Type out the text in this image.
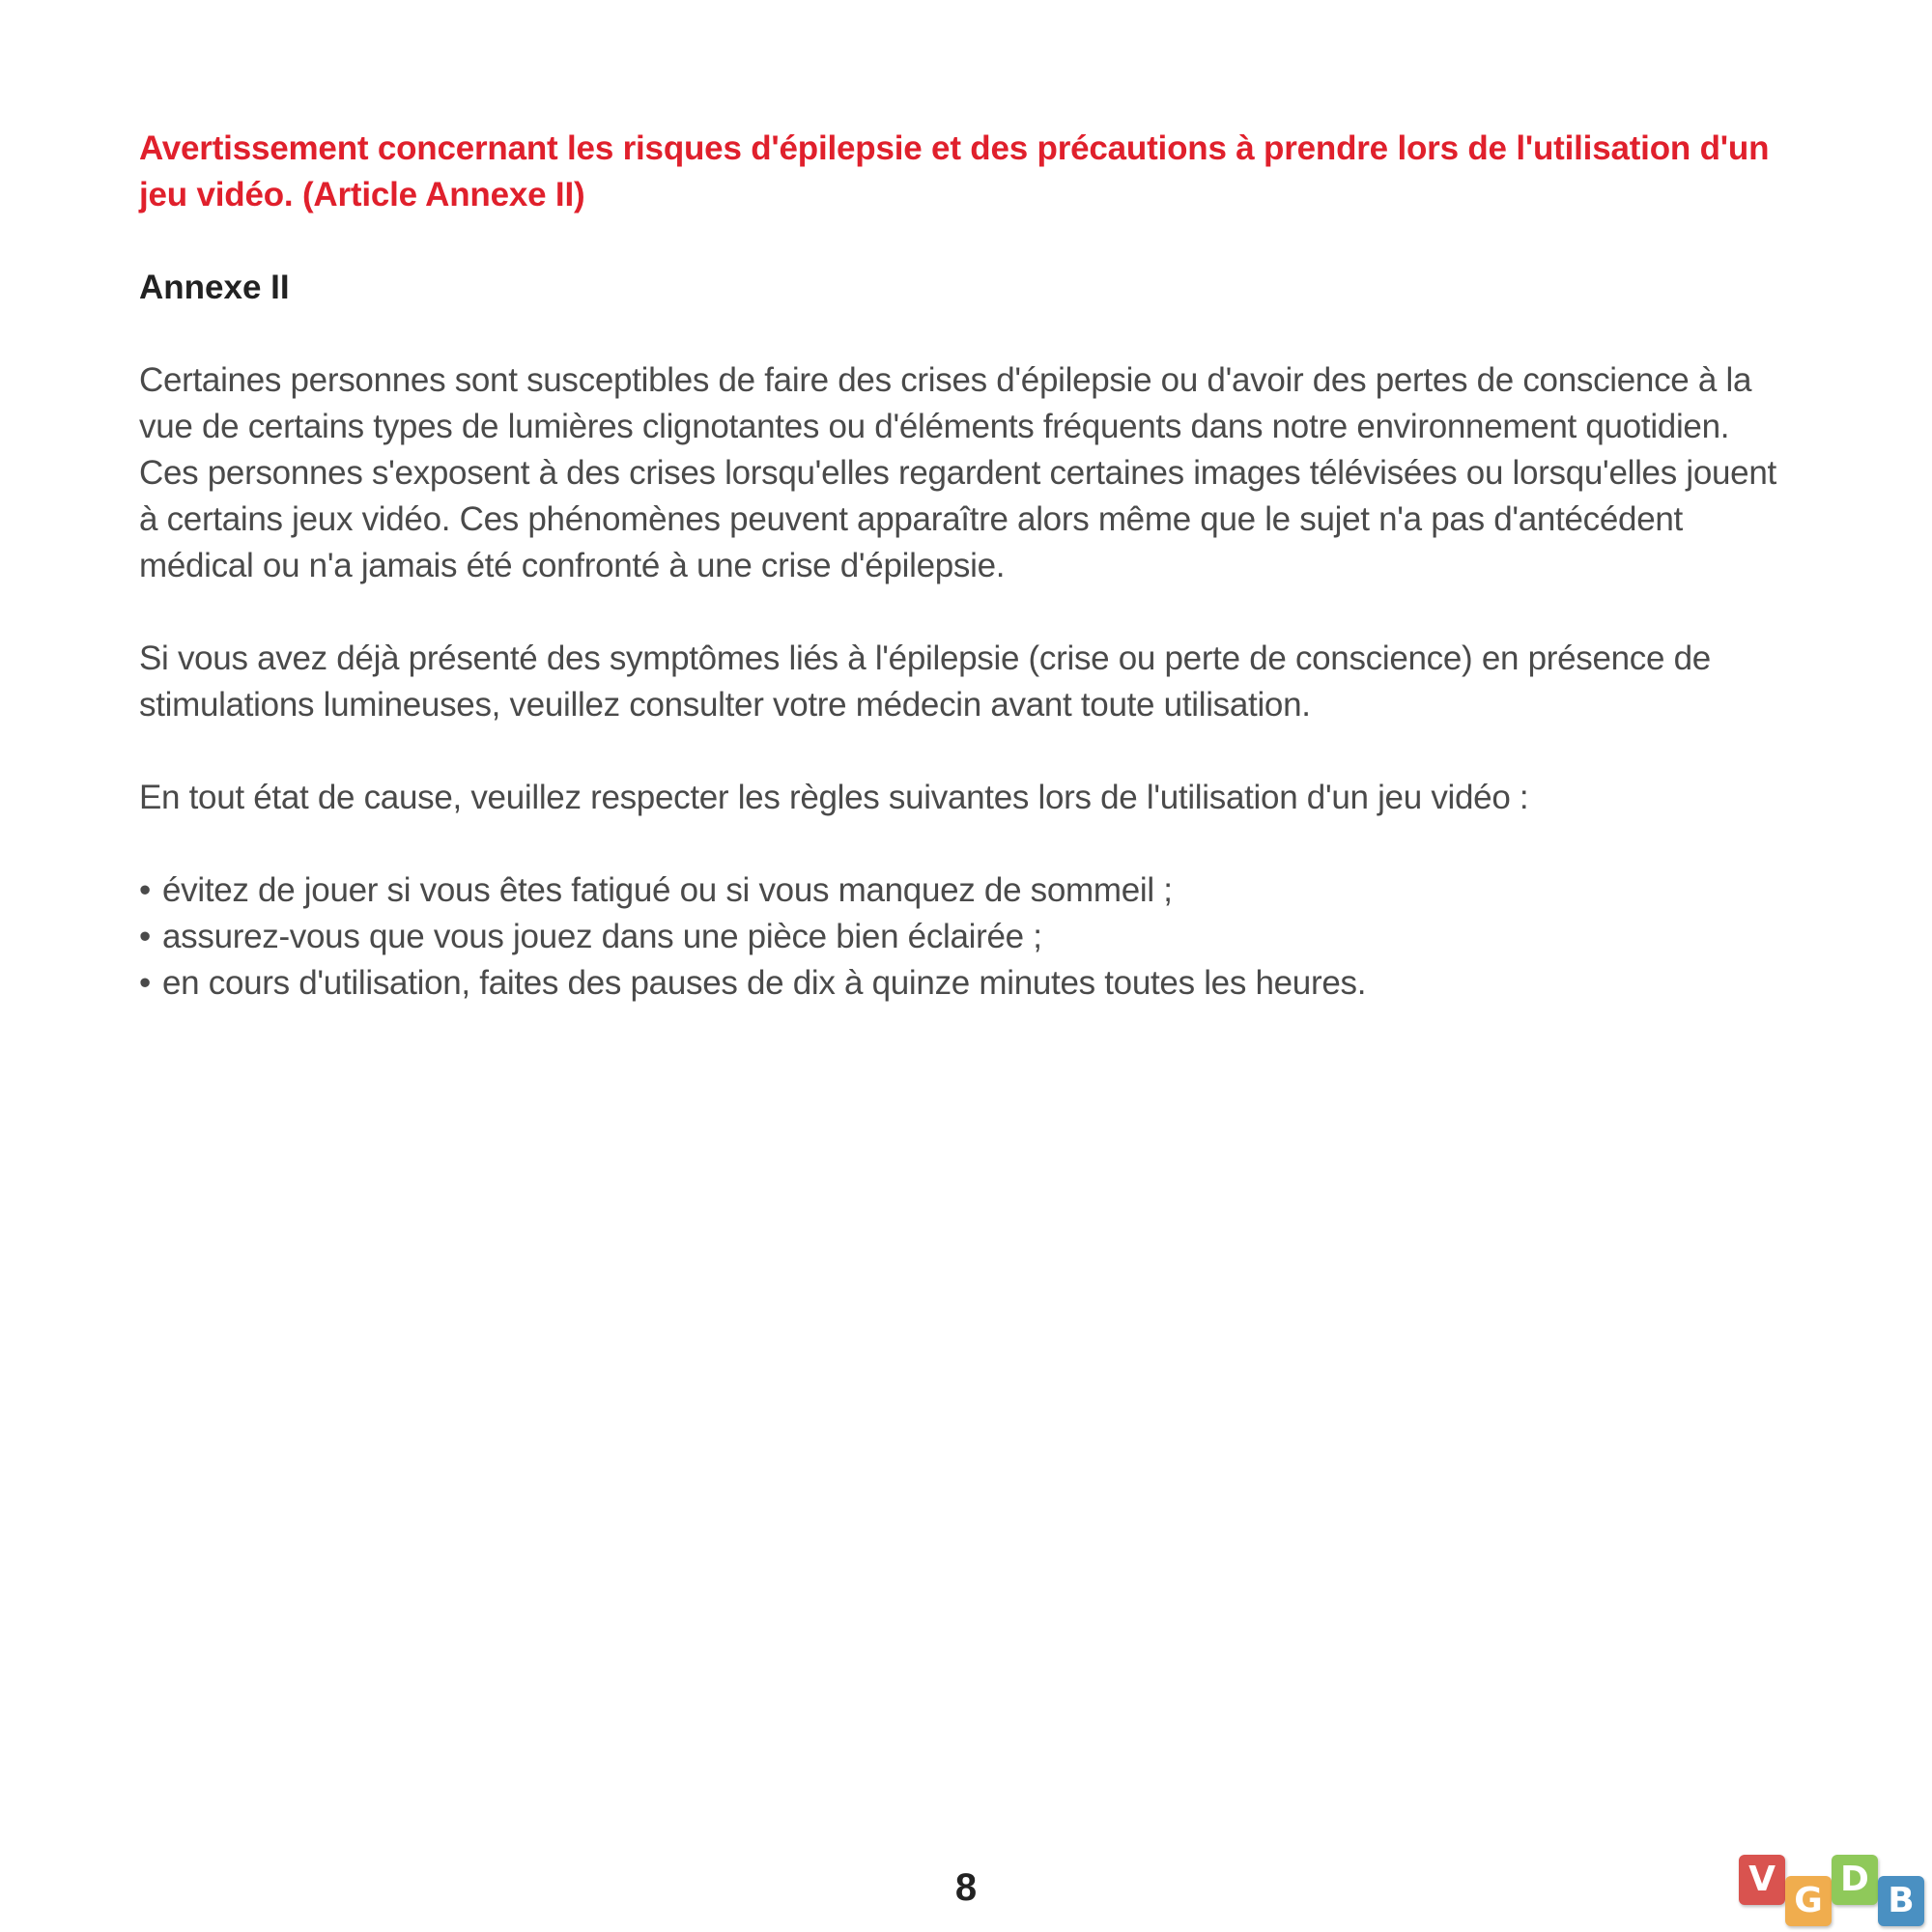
Avertissement concernant les risques d'épilepsie et des précautions à prendre lors de l'utilisation d'un jeu vidéo. (Article Annexe II)
Annexe II

Certaines personnes sont susceptibles de faire des crises d'épilepsie ou d'avoir des pertes de conscience à la vue de certains types de lumières clignotantes ou d'éléments fréquents dans notre environnement quotidien. Ces personnes s'exposent à des crises lorsqu'elles regardent certaines images télévisées ou lorsqu'elles jouent à certains jeux vidéo. Ces phénomènes peuvent apparaître alors même que le sujet n'a pas d'antécédent médical ou n'a jamais été confronté à une crise d'épilepsie.

Si vous avez déjà présenté des symptômes liés à l'épilepsie (crise ou perte de conscience) en présence de stimulations lumineuses, veuillez consulter votre médecin avant toute utilisation.

En tout état de cause, veuillez respecter les règles suivantes lors de l'utilisation d'un jeu vidéo :

• évitez de jouer si vous êtes fatigué ou si vous manquez de sommeil ;
• assurez-vous que vous jouez dans une pièce bien éclairée ;
• en cours d'utilisation, faites des pauses de dix à quinze minutes toutes les heures.
8	V
G
D
B
